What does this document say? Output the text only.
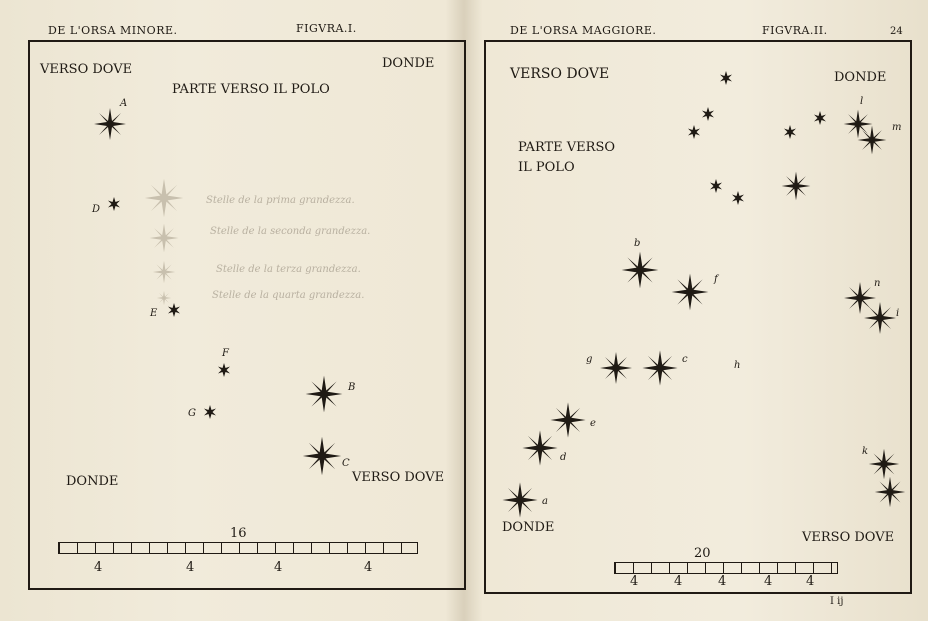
DE L'ORSA MINORE.	FIGVRA.I.
VERSO DOVE	DONDE
PARTE VERSO IL POLO
Stelle de la prima grandezza.
Stelle de la seconda grandezza.
Stelle de la terza grandezza.
Stelle de la quarta grandezza.
A
D
E
F
G
B
C
DONDE	VERSO DOVE
16
4	4	4	4
DE L'ORSA MAGGIORE.	FIGVRA.II.	24
VERSO DOVE	DONDE
PARTE VERSO
IL POLO
b
f
g	c
h
e
d
a
l
m
n
i
k
DONDE
VERSO DOVE
20
4	4	4	4	4
I ij
